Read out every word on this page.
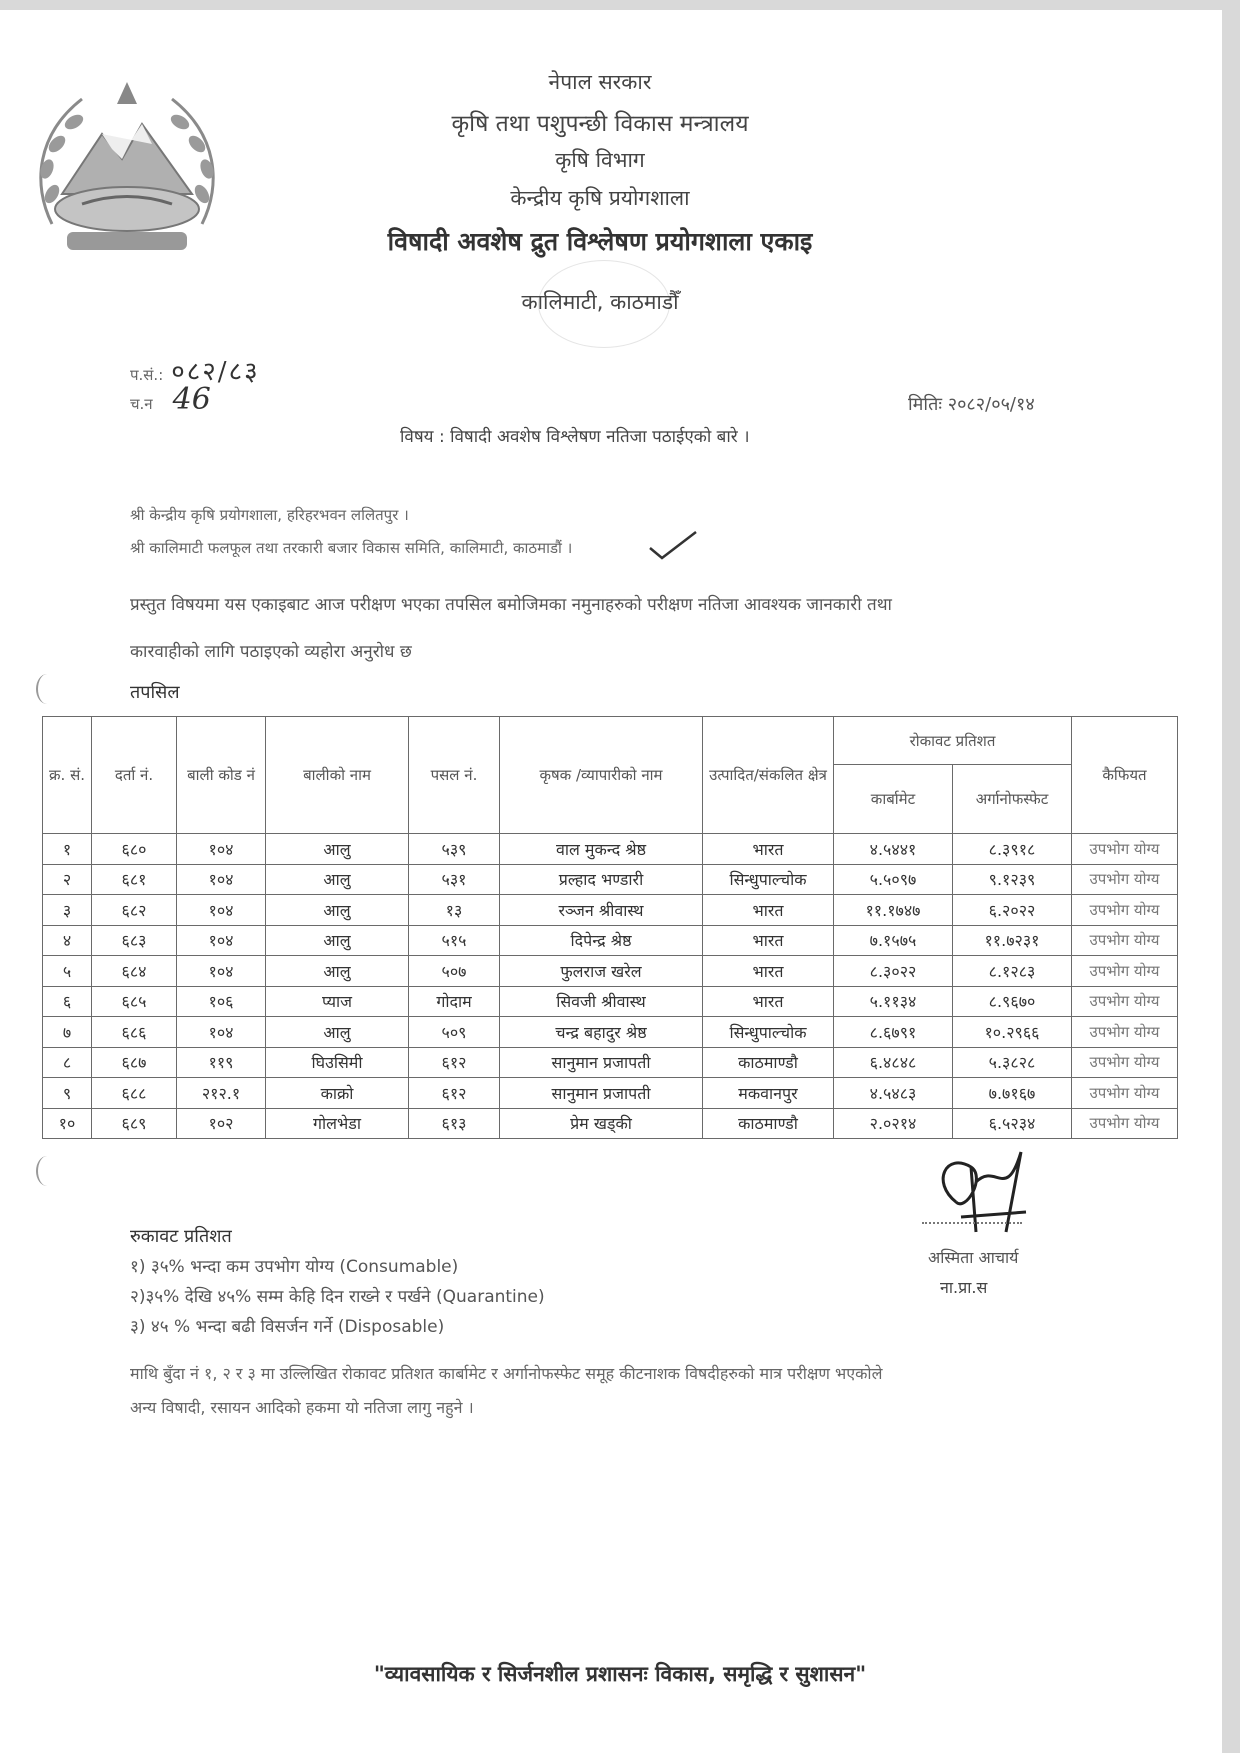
नेपाल सरकार
कृषि तथा पशुपन्छी विकास मन्त्रालय
कृषि विभाग
केन्द्रीय कृषि प्रयोगशाला
विषादी अवशेष द्रुत विश्लेषण प्रयोगशाला एकाइ
कालिमाटी, काठमाडौँ
प.सं.: ०८२/८३
च.न 46	मितिः २०८२/०५/१४
विषय : विषादी अवशेष विश्लेषण नतिजा पठाईएको बारे ।
श्री केन्द्रीय कृषि प्रयोगशाला, हरिहरभवन ललितपुर ।
श्री कालिमाटी फलफूल तथा तरकारी बजार विकास समिति, कालिमाटी, काठमाडौं ।
प्रस्तुत विषयमा यस एकाइबाट आज परीक्षण भएका तपसिल बमोजिमका नमुनाहरुको परीक्षण नतिजा आवश्यक जानकारी तथा
कारवाहीको लागि पठाइएको व्यहोरा अनुरोध छ
तपसिल
क्र. सं.	दर्ता नं.	बाली कोड नं	बालीको नाम	पसल नं.	कृषक /व्यापारीको नाम	उत्पादित/संकलित क्षेत्र	रोकावट प्रतिशत		कैफियत
							कार्बामेट	अर्गानोफस्फेट	
१	६८०	१०४	आलु	५३९	वाल मुकन्द श्रेष्ठ	भारत	४.५४४१	८.३९१८	उपभोग योग्य
२	६८१	१०४	आलु	५३१	प्रल्हाद भण्डारी	सिन्धुपाल्चोक	५.५०९७	९.१२३९	उपभोग योग्य
३	६८२	१०४	आलु	१३	रञ्जन श्रीवास्थ	भारत	११.१७४७	६.२०२२	उपभोग योग्य
४	६८३	१०४	आलु	५१५	दिपेन्द्र श्रेष्ठ	भारत	७.१५७५	११.७२३१	उपभोग योग्य
५	६८४	१०४	आलु	५०७	फुलराज खरेल	भारत	८.३०२२	८.१२८३	उपभोग योग्य
६	६८५	१०६	प्याज	गोदाम	सिवजी श्रीवास्थ	भारत	५.११३४	८.९६७०	उपभोग योग्य
७	६८६	१०४	आलु	५०९	चन्द्र बहादुर श्रेष्ठ	सिन्धुपाल्चोक	८.६७९१	१०.२९६६	उपभोग योग्य
८	६८७	११९	घिउसिमी	६१२	सानुमान प्रजापती	काठमाण्डौ	६.४८४८	५.३८२८	उपभोग योग्य
९	६८८	२१२.१	काक्रो	६१२	सानुमान प्रजापती	मकवानपुर	४.५४८३	७.७१६७	उपभोग योग्य
१०	६८९	१०२	गोलभेडा	६१३	प्रेम खड्की	काठमाण्डौ	२.०२१४	६.५२३४	उपभोग योग्य
अस्मिता आचार्य
ना.प्रा.स
रुकावट प्रतिशत
१) ३५% भन्दा कम उपभोग योग्य (Consumable)
२)३५% देखि ४५% सम्म केहि दिन राख्ने र पर्खने (Quarantine)
३) ४५ % भन्दा बढी विसर्जन गर्ने (Disposable)
माथि बुँदा नं १, २ र ३ मा उल्लिखित रोकावट प्रतिशत कार्बामेट र अर्गानोफस्फेट समूह कीटनाशक विषदीहरुको मात्र परीक्षण भएकोले
अन्य विषादी, रसायन आदिको हकमा यो नतिजा लागु नहुने ।
"व्यावसायिक र सिर्जनशील प्रशासनः विकास, समृद्धि र सुशासन"
